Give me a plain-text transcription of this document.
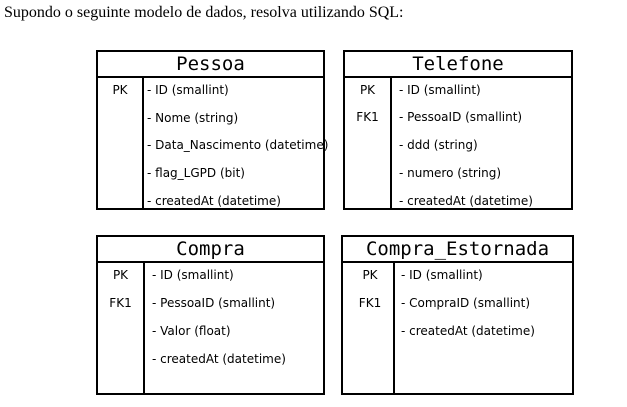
Supondo o seguinte modelo de dados, resolva utilizando SQL:
Pessoa
PK	- ID (smallint)
- Nome (string)
- Data_Nascimento (datetime)
- flag_LGPD (bit)
- createdAt (datetime)
Telefone
PK	- ID (smallint)
FK1	- PessoaID (smallint)
- ddd (string)
- numero (string)
- createdAt (datetime)
Compra
PK	- ID (smallint)
FK1	- PessoaID (smallint)
- Valor (float)
- createdAt (datetime)
Compra_Estornada
PK	- ID (smallint)
FK1	- CompraID (smallint)
- createdAt (datetime)
